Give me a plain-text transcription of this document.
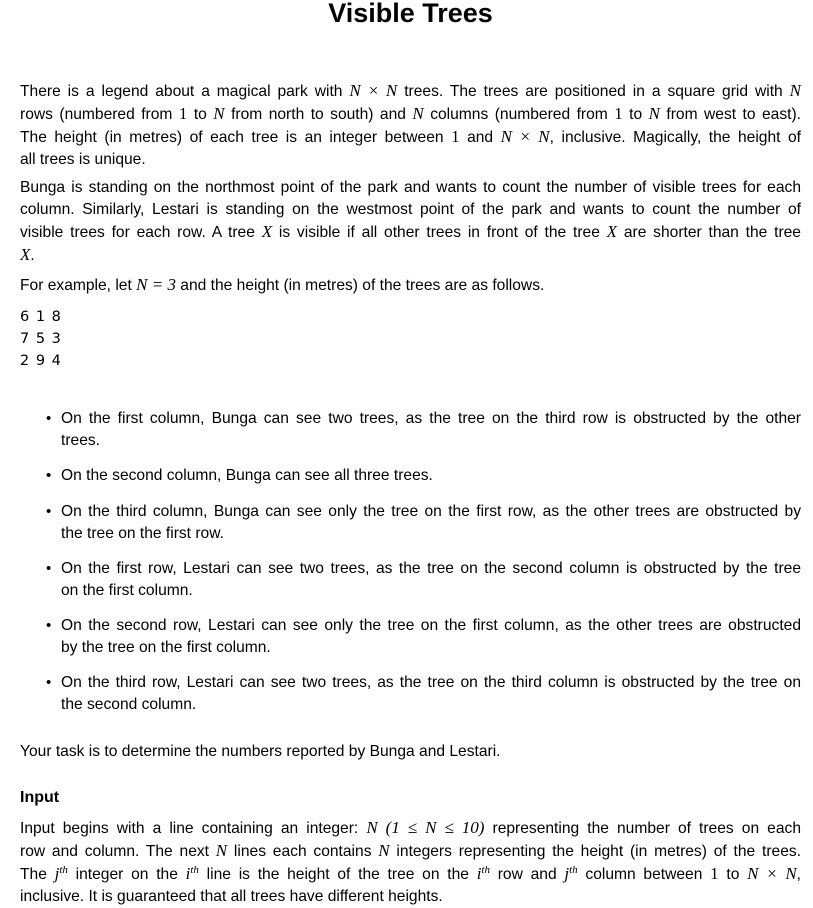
Visible Trees
There is a legend about a magical park with N × N trees. The trees are positioned in a square grid with N
rows (numbered from 1 to N from north to south) and N columns (numbered from 1 to N from west to east).
The height (in metres) of each tree is an integer between 1 and N × N, inclusive. Magically, the height of
all trees is unique.
Bunga is standing on the northmost point of the park and wants to count the number of visible trees for each
column. Similarly, Lestari is standing on the westmost point of the park and wants to count the number of
visible trees for each row. A tree X is visible if all other trees in front of the tree X are shorter than the tree
X.
For example, let N = 3 and the height (in metres) of the trees are as follows.
6 1 8
7 5 3
2 9 4
• On the first column, Bunga can see two trees, as the tree on the third row is obstructed by the other
trees.
• On the second column, Bunga can see all three trees.
• On the third column, Bunga can see only the tree on the first row, as the other trees are obstructed by
the tree on the first row.
• On the first row, Lestari can see two trees, as the tree on the second column is obstructed by the tree
on the first column.
• On the second row, Lestari can see only the tree on the first column, as the other trees are obstructed
by the tree on the first column.
• On the third row, Lestari can see two trees, as the tree on the third column is obstructed by the tree on
the second column.
Your task is to determine the numbers reported by Bunga and Lestari.
Input
Input begins with a line containing an integer: N (1 ≤ N ≤ 10) representing the number of trees on each
row and column. The next N lines each contains N integers representing the height (in metres) of the trees.
The $j^{th}$ integer on the $i^{th}$ line is the height of the tree on the $i^{th}$ row and $j^{th}$ column between 1 to N × N,
inclusive. It is guaranteed that all trees have different heights.
